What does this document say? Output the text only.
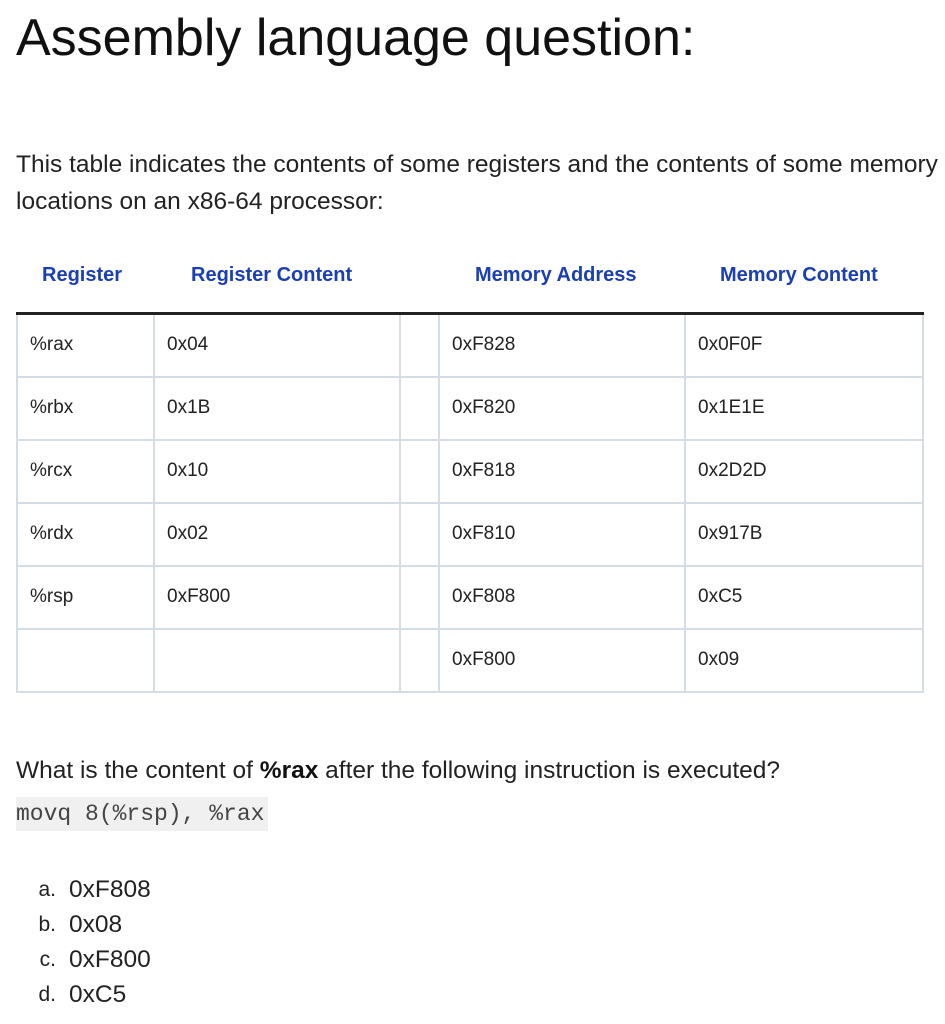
Assembly language question:

This table indicates the contents of some registers and the contents of some memory locations on an x86-64 processor:

Register	Register Content	Memory Address	Memory Content
%rax	0x04		0xF828	0x0F0F
%rbx	0x1B		0xF820	0x1E1E
%rcx	0x10		0xF818	0x2D2D
%rdx	0x02		0xF810	0x917B
%rsp	0xF800		0xF808	0xC5
			0xF800	0x09

What is the content of %rax after the following instruction is executed?

movq 8(%rsp), %rax
a. 0xF808
b. 0x08
c. 0xF800
d. 0xC5
